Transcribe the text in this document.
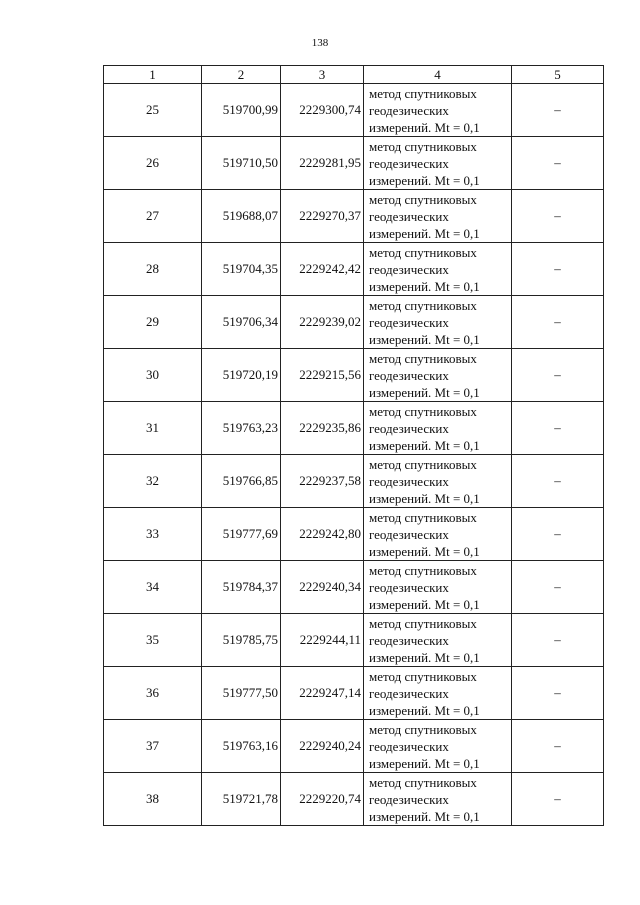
138
1	2	3	4	5
25	519700,99	2229300,74	метод спутниковых
геодезических
измерений. Mt = 0,1	–
26	519710,50	2229281,95	метод спутниковых
геодезических
измерений. Mt = 0,1	–
27	519688,07	2229270,37	метод спутниковых
геодезических
измерений. Mt = 0,1	–
28	519704,35	2229242,42	метод спутниковых
геодезических
измерений. Mt = 0,1	–
29	519706,34	2229239,02	метод спутниковых
геодезических
измерений. Mt = 0,1	–
30	519720,19	2229215,56	метод спутниковых
геодезических
измерений. Mt = 0,1	–
31	519763,23	2229235,86	метод спутниковых
геодезических
измерений. Mt = 0,1	–
32	519766,85	2229237,58	метод спутниковых
геодезических
измерений. Mt = 0,1	–
33	519777,69	2229242,80	метод спутниковых
геодезических
измерений. Mt = 0,1	–
34	519784,37	2229240,34	метод спутниковых
геодезических
измерений. Mt = 0,1	–
35	519785,75	2229244,11	метод спутниковых
геодезических
измерений. Mt = 0,1	–
36	519777,50	2229247,14	метод спутниковых
геодезических
измерений. Mt = 0,1	–
37	519763,16	2229240,24	метод спутниковых
геодезических
измерений. Mt = 0,1	–
38	519721,78	2229220,74	метод спутниковых
геодезических
измерений. Mt = 0,1	–
